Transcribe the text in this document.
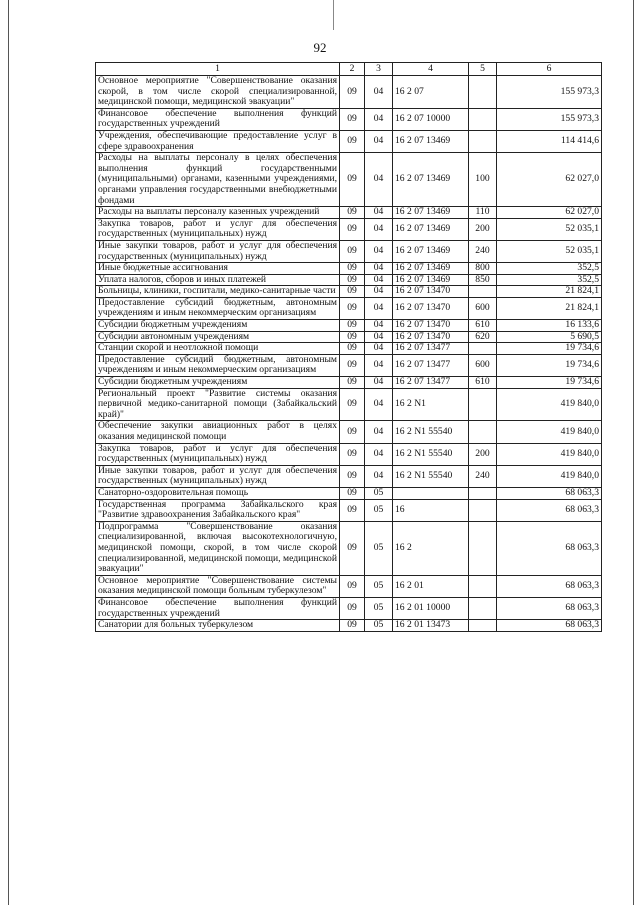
92
1	2	3	4	5	6
Основное мероприятие "Совершенствование оказания скорой, в том числе скорой специализированной, медицинской помощи, медицинской эвакуации"	09	04	16 2 07		155 973,3
Финансовое обеспечение выполнения функций государственных учреждений	09	04	16 2 07 10000		155 973,3
Учреждения, обеспечивающие предоставление услуг в сфере здравоохранения	09	04	16 2 07 13469		114 414,6
Расходы на выплаты персоналу в целях обеспечения выполнения функций государственными (муниципальными) органами, казенными учреждениями, органами управления государственными внебюджетными фондами	09	04	16 2 07 13469	100	62 027,0
Расходы на выплаты персоналу казенных учреждений	09	04	16 2 07 13469	110	62 027,0
Закупка товаров, работ и услуг для обеспечения государственных (муниципальных) нужд	09	04	16 2 07 13469	200	52 035,1
Иные закупки товаров, работ и услуг для обеспечения государственных (муниципальных) нужд	09	04	16 2 07 13469	240	52 035,1
Иные бюджетные ассигнования	09	04	16 2 07 13469	800	352,5
Уплата налогов, сборов и иных платежей	09	04	16 2 07 13469	850	352,5
Больницы, клиники, госпитали, медико-санитарные части	09	04	16 2 07 13470		21 824,1
Предоставление субсидий бюджетным, автономным учреждениям и иным некоммерческим организациям	09	04	16 2 07 13470	600	21 824,1
Субсидии бюджетным учреждениям	09	04	16 2 07 13470	610	16 133,6
Субсидии автономным учреждениям	09	04	16 2 07 13470	620	5 690,5
Станции скорой и неотложной помощи	09	04	16 2 07 13477		19 734,6
Предоставление субсидий бюджетным, автономным учреждениям и иным некоммерческим организациям	09	04	16 2 07 13477	600	19 734,6
Субсидии бюджетным учреждениям	09	04	16 2 07 13477	610	19 734,6
Региональный проект "Развитие системы оказания первичной медико-санитарной помощи (Забайкальский край)"	09	04	16 2 N1		419 840,0
Обеспечение закупки авиационных работ в целях оказания медицинской помощи	09	04	16 2 N1 55540		419 840,0
Закупка товаров, работ и услуг для обеспечения государственных (муниципальных) нужд	09	04	16 2 N1 55540	200	419 840,0
Иные закупки товаров, работ и услуг для обеспечения государственных (муниципальных) нужд	09	04	16 2 N1 55540	240	419 840,0
Санаторно-оздоровительная помощь	09	05			68 063,3
Государственная программа Забайкальского края "Развитие здравоохранения Забайкальского края"	09	05	16		68 063,3
Подпрограмма "Совершенствование оказания специализированной, включая высокотехнологичную, медицинской помощи, скорой, в том числе скорой специализированной, медицинской помощи, медицинской эвакуации"	09	05	16 2		68 063,3
Основное мероприятие "Совершенствование системы оказания медицинской помощи больным туберкулезом"	09	05	16 2 01		68 063,3
Финансовое обеспечение выполнения функций государственных учреждений	09	05	16 2 01 10000		68 063,3
Санатории для больных туберкулезом	09	05	16 2 01 13473		68 063,3
